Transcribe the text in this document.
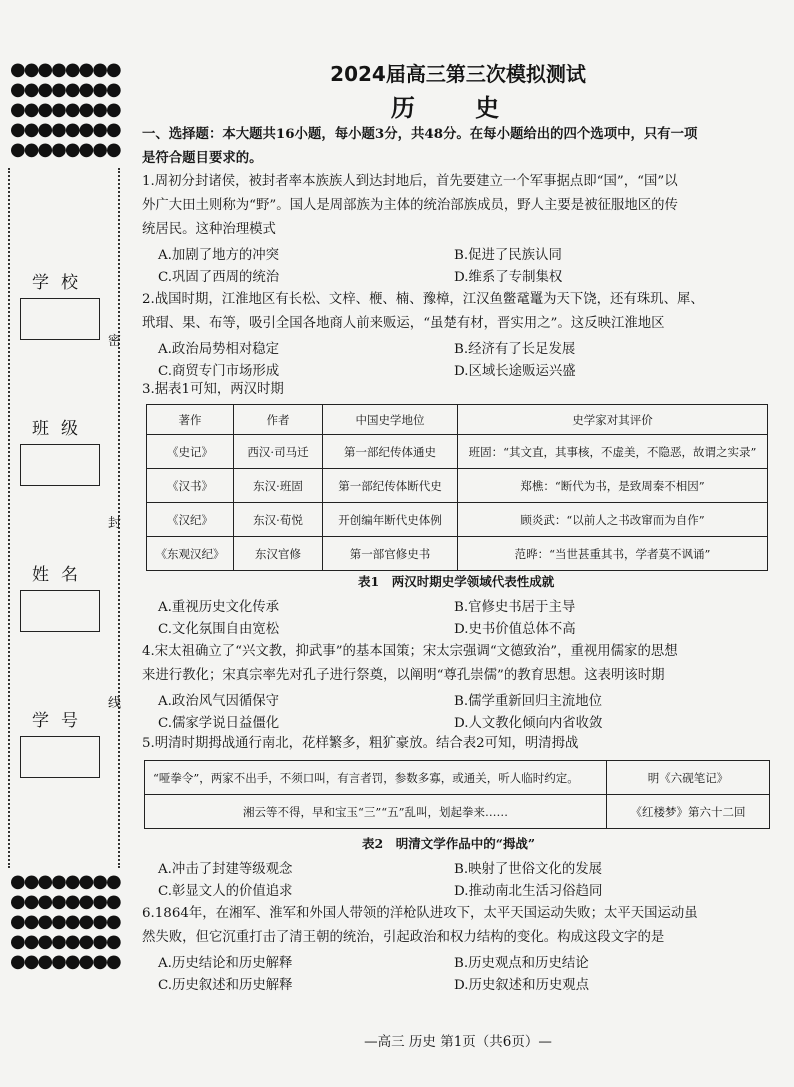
●●●●●●●●
●●●●●●●●
●●●●●●●●
●●●●●●●●
●●●●●●●●
●●●●●●●●
●●●●●●●●
●●●●●●●●
●●●●●●●●
●●●●●●●●
学校
班级
姓名
学号
密
封
线
2024届高三第三次模拟测试
历 史
一、选择题：本大题共16小题，每小题3分，共48分。在每小题给出的四个选项中，只有一项
是符合题目要求的。
1.周初分封诸侯，被封者率本族族人到达封地后，首先要建立一个军事据点即“国”，“国”以
外广大田土则称为“野”。国人是周部族为主体的统治部族成员，野人主要是被征服地区的传
统居民。这种治理模式
A.加剧了地方的冲突	B.促进了民族认同
C.巩固了西周的统治	D.维系了专制集权
2.战国时期，江淮地区有长松、文梓、楩、楠、豫樟，江汉鱼鳖鼋鼍为天下饶，还有珠玑、犀、
玳瑁、果、布等，吸引全国各地商人前来贩运，“虽楚有材，晋实用之”。这反映江淮地区
A.政治局势相对稳定	B.经济有了长足发展
C.商贸专门市场形成	D.区域长途贩运兴盛
3.据表1可知，两汉时期
著作	作者	中国史学地位	史学家对其评价
《史记》	西汉·司马迁	第一部纪传体通史	班固：“其文直，其事核，不虚美，不隐恶，故谓之实录”
《汉书》	东汉·班固	第一部纪传体断代史	郑樵：“断代为书，是致周秦不相因”
《汉纪》	东汉·荀悦	开创编年断代史体例	顾炎武：“以前人之书改窜而为自作”
《东观汉纪》	东汉官修	第一部官修史书	范晔：“当世甚重其书，学者莫不讽诵”
表1　两汉时期史学领域代表性成就
A.重视历史文化传承	B.官修史书居于主导
C.文化氛围自由宽松	D.史书价值总体不高
4.宋太祖确立了“兴文教，抑武事”的基本国策；宋太宗强调“文德致治”，重视用儒家的思想
来进行教化；宋真宗率先对孔子进行祭奠，以阐明“尊孔崇儒”的教育思想。这表明该时期
A.政治风气因循保守	B.儒学重新回归主流地位
C.儒家学说日益僵化	D.人文教化倾向内省收敛
5.明清时期拇战通行南北，花样繁多，粗犷豪放。结合表2可知，明清拇战
“哑拳令”，两家不出手，不须口叫，有言者罚，参数多寡，或通关，听人临时约定。	明《六砚笔记》
湘云等不得，早和宝玉“三”“五”乱叫，划起拳来……	《红楼梦》第六十二回
表2　明清文学作品中的“拇战”
A.冲击了封建等级观念	B.映射了世俗文化的发展
C.彰显文人的价值追求	D.推动南北生活习俗趋同
6.1864年，在湘军、淮军和外国人带领的洋枪队进攻下，太平天国运动失败；太平天国运动虽
然失败，但它沉重打击了清王朝的统治，引起政治和权力结构的变化。构成这段文字的是
A.历史结论和历史解释	B.历史观点和历史结论
C.历史叙述和历史解释	D.历史叙述和历史观点
—高三 历史 第1页（共6页）—
